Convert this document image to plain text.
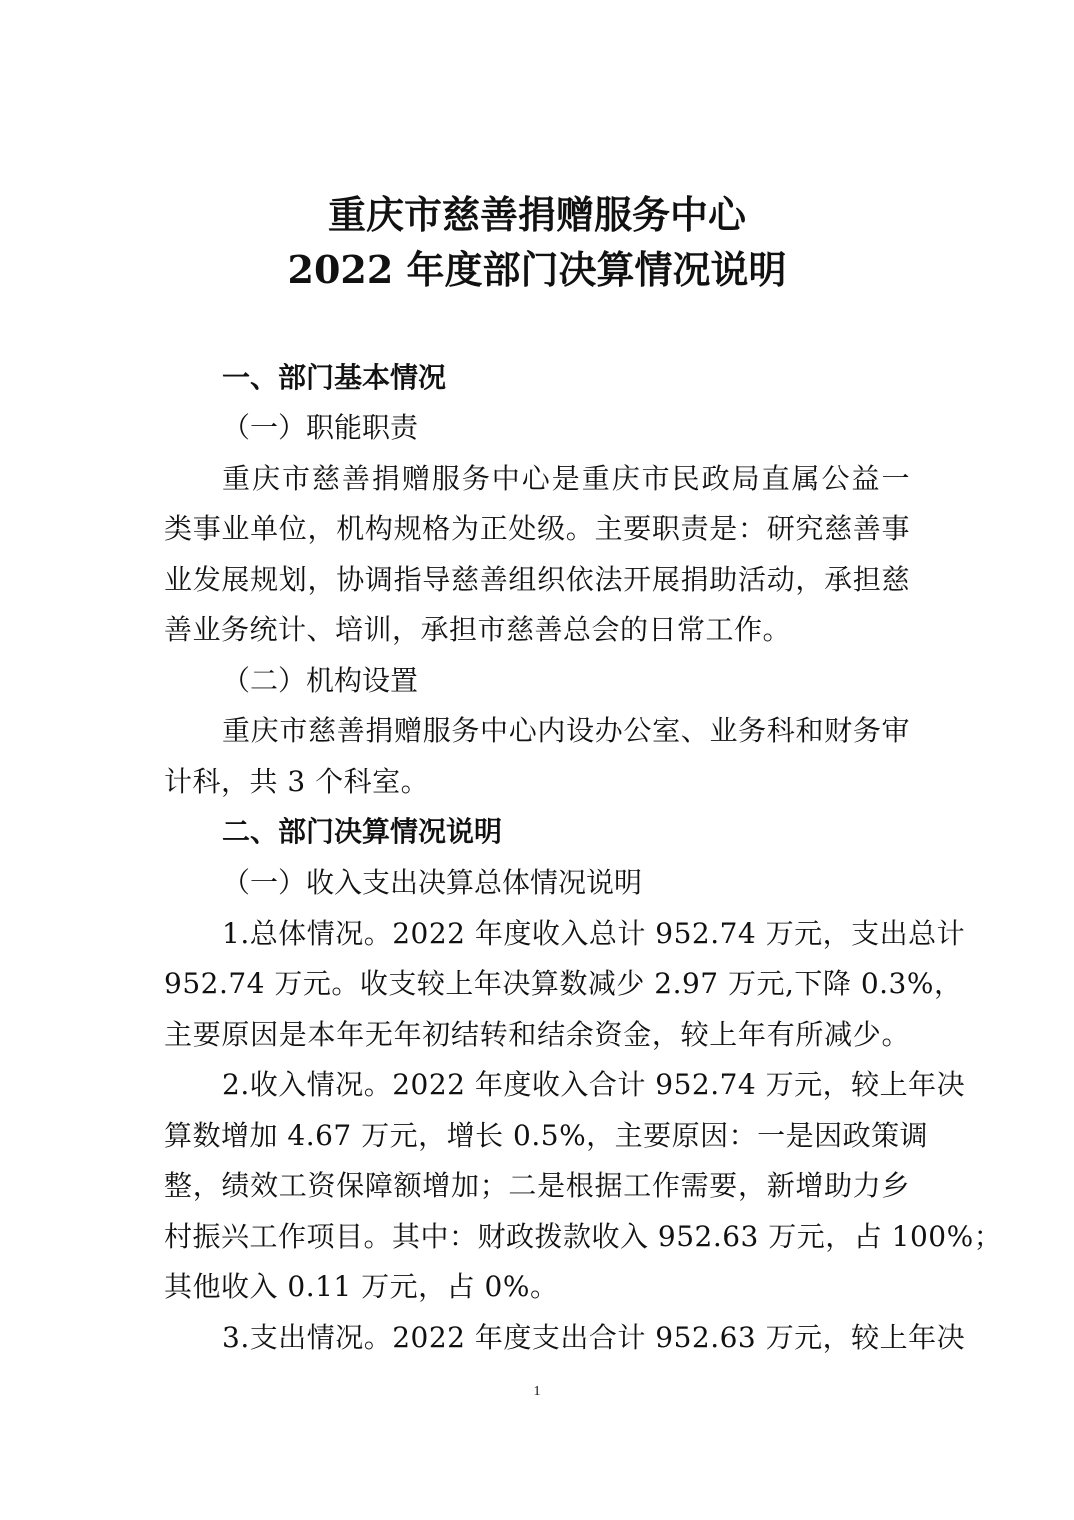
重庆市慈善捐赠服务中心
2022 年度部门决算情况说明
一、部门基本情况
（一）职能职责
重庆市慈善捐赠服务中心是重庆市民政局直属公益一
类事业单位，机构规格为正处级。主要职责是：研究慈善事
业发展规划，协调指导慈善组织依法开展捐助活动，承担慈
善业务统计、培训，承担市慈善总会的日常工作。
（二）机构设置
重庆市慈善捐赠服务中心内设办公室、业务科和财务审
计科，共 3 个科室。
二、部门决算情况说明
（一）收入支出决算总体情况说明
1.总体情况。2022 年度收入总计 952.74 万元，支出总计
952.74 万元。收支较上年决算数减少 2.97 万元,下降 0.3%，
主要原因是本年无年初结转和结余资金，较上年有所减少。
2.收入情况。2022 年度收入合计 952.74 万元，较上年决
算数增加 4.67 万元，增长 0.5%，主要原因：一是因政策调
整，绩效工资保障额增加；二是根据工作需要，新增助力乡
村振兴工作项目。其中：财政拨款收入 952.63 万元，占 100%；
其他收入 0.11 万元，占 0%。
3.支出情况。2022 年度支出合计 952.63 万元，较上年决
1
